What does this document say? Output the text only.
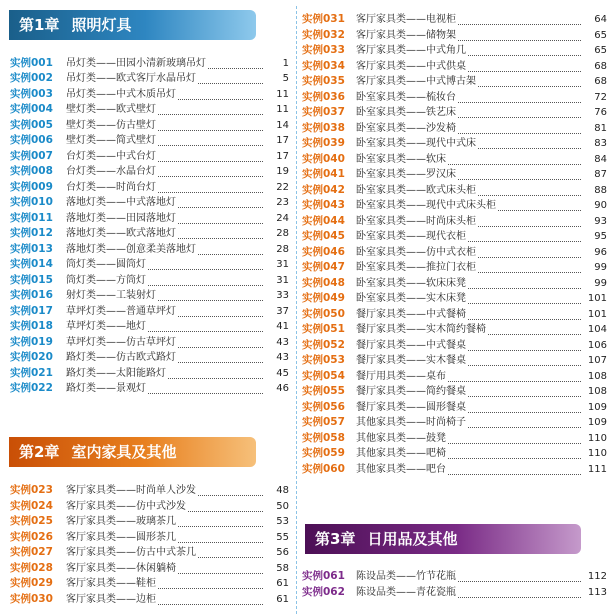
第1章 照明灯具
实例001 吊灯类——田园小清新玻璃吊灯	1
实例002 吊灯类——欧式客厅水晶吊灯	5
实例003 吊灯类——中式木质吊灯	11
实例004 壁灯类——欧式壁灯	11
实例005 壁灯类——仿古壁灯	14
实例006 壁灯类——简式壁灯	17
实例007 台灯类——中式台灯	17
实例008 台灯类——水晶台灯	19
实例009 台灯类——时尚台灯	22
实例010 落地灯类——中式落地灯	23
实例011 落地灯类——田园落地灯	24
实例012 落地灯类——欧式落地灯	28
实例013 落地灯类——创意柔美落地灯	28
实例014 筒灯类——圆筒灯	31
实例015 筒灯类——方筒灯	31
实例016 射灯类——工装射灯	33
实例017 草坪灯类——普通草坪灯	37
实例018 草坪灯类——地灯	41
实例019 草坪灯类——仿古草坪灯	43
实例020 路灯类——仿古欧式路灯	43
实例021 路灯类——太阳能路灯	45
实例022 路灯类——景观灯	46
第2章 室内家具及其他
实例023 客厅家具类——时尚单人沙发	48
实例024 客厅家具类——仿中式沙发	50
实例025 客厅家具类——玻璃茶几	53
实例026 客厅家具类——圆形茶几	55
实例027 客厅家具类——仿古中式茶几	56
实例028 客厅家具类——休闲躺椅	58
实例029 客厅家具类——鞋柜	61
实例030 客厅家具类——边柜	61
实例031 客厅家具类——电视柜	64
实例032 客厅家具类——储物架	65
实例033 客厅家具类——中式角几	65
实例034 客厅家具类——中式供桌	68
实例035 客厅家具类——中式博古架	68
实例036 卧室家具类——梳妆台	72
实例037 卧室家具类——铁艺床	76
实例038 卧室家具类——沙发椅	81
实例039 卧室家具类——现代中式床	83
实例040 卧室家具类——软床	84
实例041 卧室家具类——罗汉床	87
实例042 卧室家具类——欧式床头柜	88
实例043 卧室家具类——现代中式床头柜	90
实例044 卧室家具类——时尚床头柜	93
实例045 卧室家具类——现代衣柜	95
实例046 卧室家具类——仿中式衣柜	96
实例047 卧室家具类——推拉门衣柜	99
实例048 卧室家具类——软床床凳	99
实例049 卧室家具类——实木床凳	101
实例050 餐厅家具类——中式餐椅	101
实例051 餐厅家具类——实木简约餐椅	104
实例052 餐厅家具类——中式餐桌	106
实例053 餐厅家具类——实木餐桌	107
实例054 餐厅用具类——桌布	108
实例055 餐厅家具类——简约餐桌	108
实例056 餐厅家具类——圆形餐桌	109
实例057 其他家具类——时尚椅子	109
实例058 其他家具类——鼓凳	110
实例059 其他家具类——吧椅	110
实例060 其他家具类——吧台	111
第3章 日用品及其他
实例061 陈设品类——竹节花瓶	112
实例062 陈设品类——青花瓷瓶	113
